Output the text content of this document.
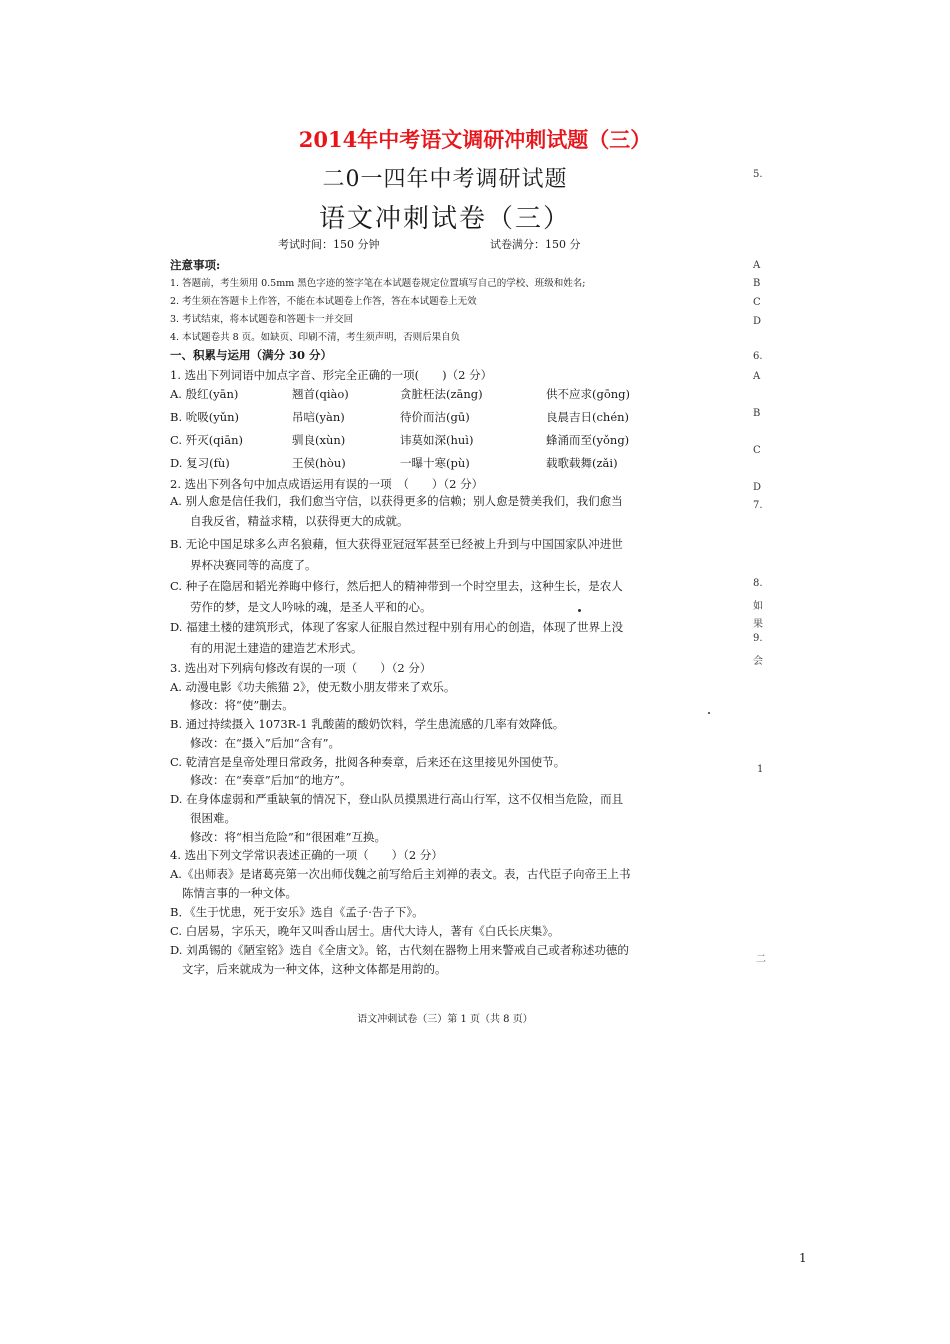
2014年中考语文调研冲刺试题（三）
二0一四年中考调研试题
语文冲刺试卷（三）
考试时间：150 分钟	试卷满分：150 分
注意事项:
1. 答题前，考生须用 0.5mm 黑色字迹的签字笔在本试题卷规定位置填写自己的学校、班级和姓名;
2. 考生须在答题卡上作答，不能在本试题卷上作答，答在本试题卷上无效
3. 考试结束，将本试题卷和答题卡一并交回
4. 本试题卷共 8 页。如缺页、印刷不清，考生须声明，否则后果自负
一、积累与运用（满分 30 分）
1. 选出下列词语中加点字音、形完全正确的一项(　　)（2 分）
A. 殷红(yān)	翘首(qiào)	贪脏枉法(zāng)	供不应求(gōng)
B. 吮吸(yǔn)	吊唁(yàn)	待价而沽(gū)	良晨吉日(chén)
C. 歼灭(qiān)	驯良(xùn)	讳莫如深(huì)	蜂涌而至(yǒng)
D. 复习(fù)	王侯(hòu)	一曝十寒(pù)	载歌载舞(zǎi)
2. 选出下列各句中加点成语运用有误的一项　（　　）（2 分）
A. 别人愈是信任我们，我们愈当守信，以获得更多的信赖；别人愈是赞美我们，我们愈当
自我反省，精益求精，以获得更大的成就。
B. 无论中国足球多么声名狼藉，恒大获得亚冠冠军甚至已经被上升到与中国国家队冲进世
界杯决赛同等的高度了。
C. 种子在隐居和韬光养晦中修行，然后把人的精神带到一个时空里去，这种生长，是农人
劳作的梦，是文人吟咏的魂，是圣人平和的心。
D. 福建土楼的建筑形式，体现了客家人征服自然过程中别有用心的创造，体现了世界上没
有的用泥土建造的建造艺术形式。
3. 选出对下列病句修改有误的一项（　　）（2 分）
A. 动漫电影《功夫熊猫 2》，使无数小朋友带来了欢乐。
修改：将“使”删去。
B. 通过持续摄入 1073R-1 乳酸菌的酸奶饮料，学生患流感的几率有效降低。
修改：在“摄入”后加“含有”。
C. 乾清宫是皇帝处理日常政务，批阅各种奏章，后来还在这里接见外国使节。
修改：在“奏章”后加“的地方”。
D. 在身体虚弱和严重缺氧的情况下，登山队员摸黑进行高山行军，这不仅相当危险，而且
很困难。
修改：将“相当危险”和“很困难”互换。
4. 选出下列文学常识表述正确的一项（　　）（2 分）
A.《出师表》是诸葛亮第一次出师伐魏之前写给后主刘禅的表文。表，古代臣子向帝王上书
陈情言事的一种文体。
B．《生于忧患，死于安乐》选自《孟子·告子下》。
C. 白居易，字乐天，晚年又叫香山居士。唐代大诗人，著有《白氏长庆集》。
D. 刘禹锡的《陋室铭》选自《全唐文》。铭，古代刻在器物上用来警戒自己或者称述功德的
文字，后来就成为一种文体，这种文体都是用韵的。
语文冲刺试卷（三）第 1 页（共 8 页）
1
5.
A
B
C
D
6.
A
B
C
D
7.
8.
如
果
9.
会
1
二
